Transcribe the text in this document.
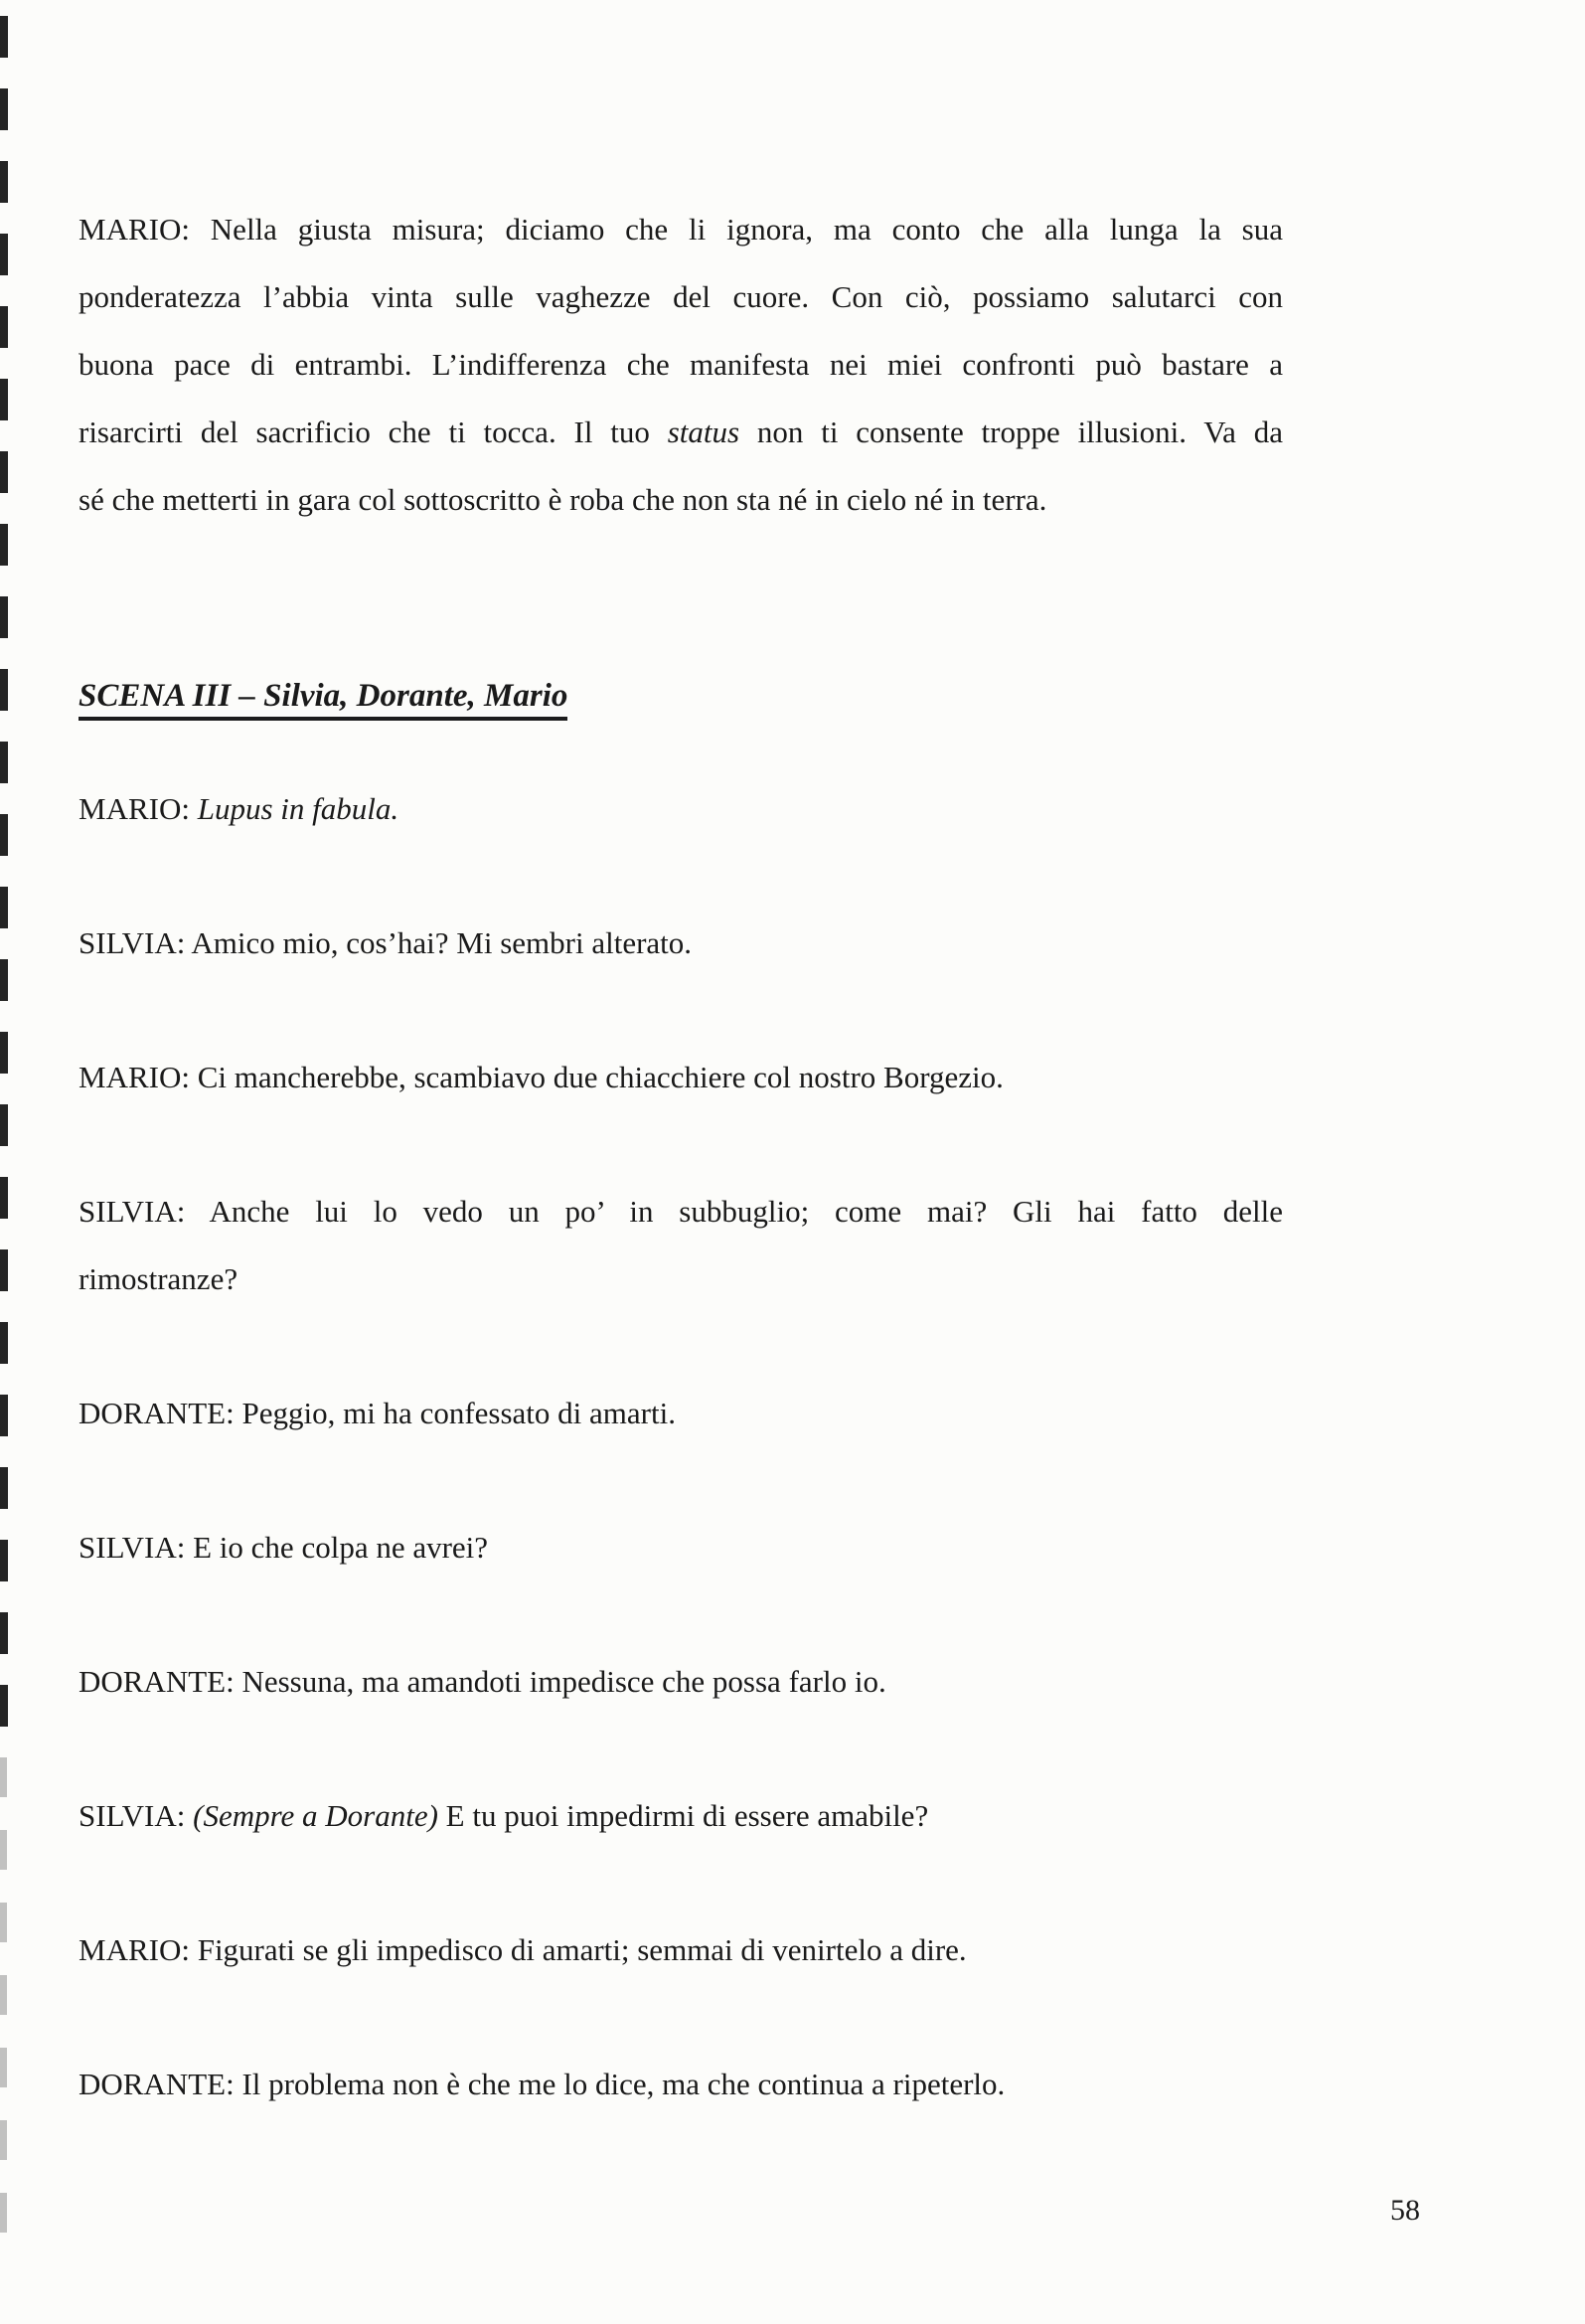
MARIO: Nella giusta misura; diciamo che li ignora, ma conto che alla lunga la sua
ponderatezza l’abbia vinta sulle vaghezze del cuore. Con ciò, possiamo salutarci con
buona pace di entrambi. L’indifferenza che manifesta nei miei confronti può bastare a
risarcirti del sacrificio che ti tocca. Il tuo status non ti consente troppe illusioni. Va da
sé che metterti in gara col sottoscritto è roba che non sta né in cielo né in terra.
SCENA III – Silvia, Dorante, Mario
MARIO: Lupus in fabula.
SILVIA: Amico mio, cos’hai? Mi sembri alterato.
MARIO: Ci mancherebbe, scambiavo due chiacchiere col nostro Borgezio.
SILVIA: Anche lui lo vedo un po’ in subbuglio; come mai? Gli hai fatto delle
rimostranze?
DORANTE: Peggio, mi ha confessato di amarti.
SILVIA: E io che colpa ne avrei?
DORANTE: Nessuna, ma amandoti impedisce che possa farlo io.
SILVIA: (Sempre a Dorante) E tu puoi impedirmi di essere amabile?
MARIO: Figurati se gli impedisco di amarti; semmai di venirtelo a dire.
DORANTE: Il problema non è che me lo dice, ma che continua a ripeterlo.
58
